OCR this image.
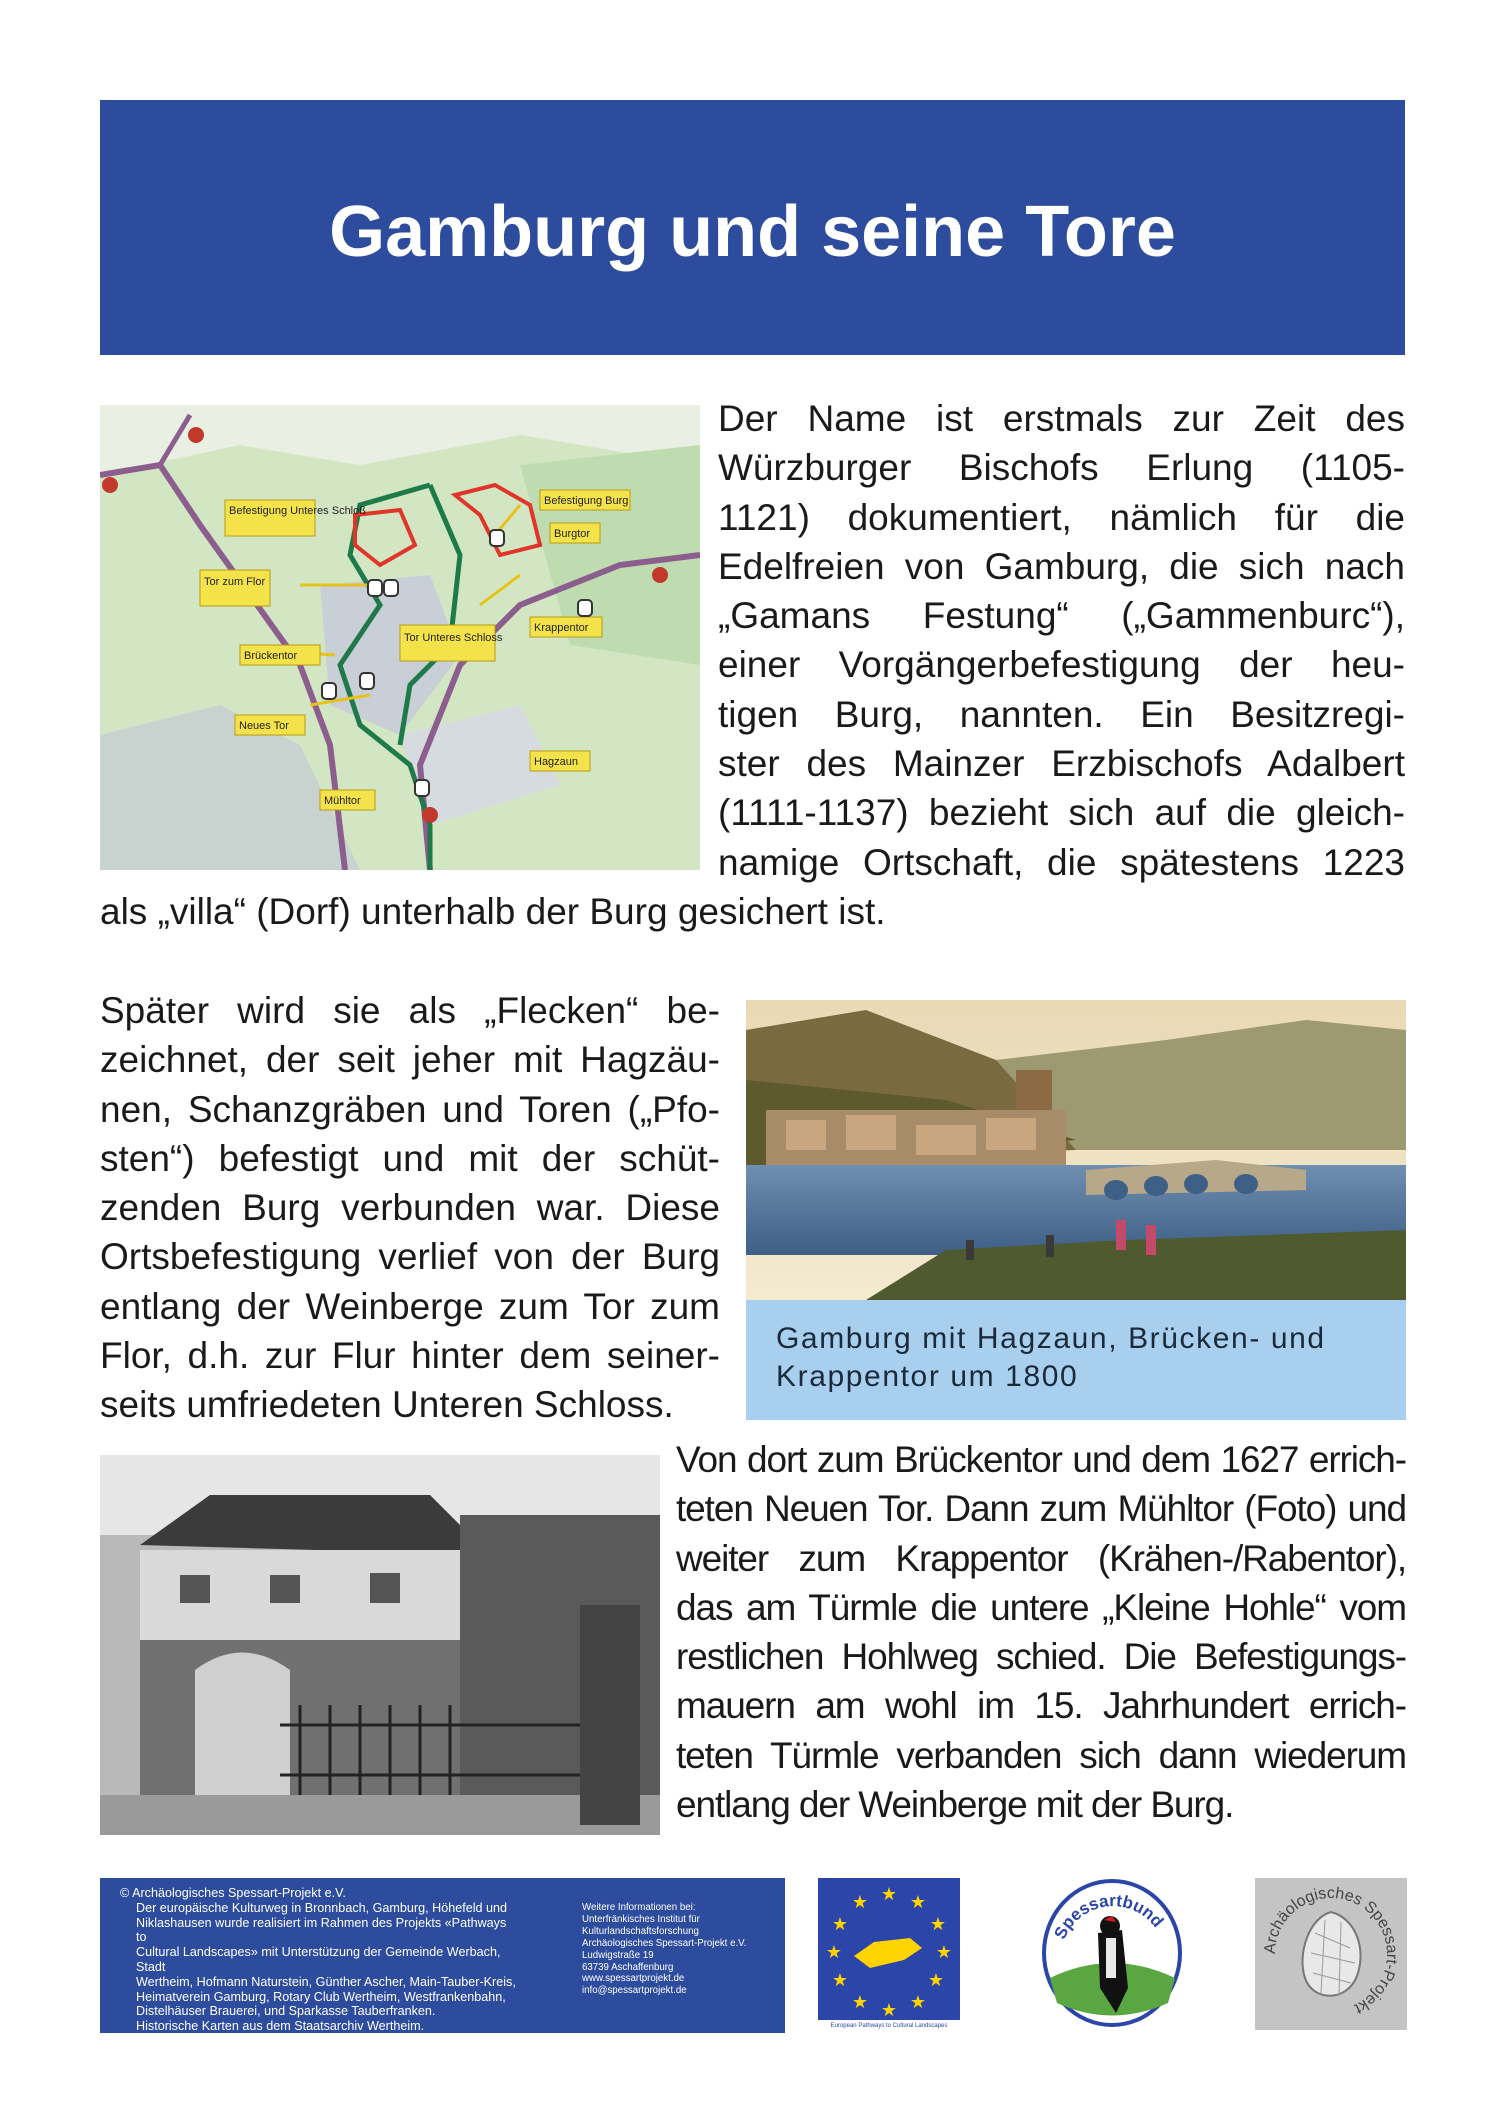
Gamburg und seine Tore
Befestigung Unteres Schloß
Befestigung Burg
Burgtor
Tor zum Flor
Tor Unteres Schloss
Krappentor
Brückentor
Neues Tor
Hagzaun
Mühltor

Der Name ist erstmals zur Zeit des

Würzburger Bischofs Erlung (1105-

1121) dokumentiert, nämlich für die

Edelfreien von Gamburg, die sich nach

„Gamans Festung“ („Gammenburc“),

einer Vorgängerbefestigung der heu-

tigen Burg, nannten. Ein Besitzregi-

ster des Mainzer Erzbischofs Adalbert

(1111-1137) bezieht sich auf die gleich-

namige Ortschaft, die spätestens 1223

als „villa“ (Dorf) unterhalb der Burg gesichert ist.

Später wird sie als „Flecken“ be-

zeichnet, der seit jeher mit Hagzäu-

nen, Schanzgräben und Toren („Pfo-

sten“) befestigt und mit der schüt-

zenden Burg verbunden war. Diese

Ortsbefestigung verlief von der Burg

entlang der Weinberge zum Tor zum

Flor, d.h. zur Flur hinter dem seiner-

seits umfriedeten Unteren Schloss.

Gamburg mit Hagzaun, Brücken- und
Krappentor um 1800

Von dort zum Brückentor und dem 1627 errich-

teten Neuen Tor. Dann zum Mühltor (Foto) und

weiter zum Krappentor (Krähen-/Rabentor),

das am Türmle die untere „Kleine Hohle“ vom

restlichen Hohlweg schied. Die Befestigungs-

mauern am wohl im 15. Jahrhundert errich-

teten Türmle verbanden sich dann wiederum

entlang der Weinberge mit der Burg.

© Archäologisches Spessart-Projekt e.V.
Der europäische Kulturweg in Bronnbach, Gamburg, Höhefeld und
Niklashausen wurde realisiert im Rahmen des Projekts «Pathways to
Cultural Landscapes» mit Unterstützung der Gemeinde Werbach, Stadt
Wertheim, Hofmann Naturstein, Günther Ascher, Main-Tauber-Kreis,
Heimatverein Gamburg, Rotary Club Wertheim, Westfrankenbahn,
Distelhäuser Brauerei, und Sparkasse Tauberfranken.
Historische Karten aus dem Staatsarchiv Wertheim.
Weitere Informationen bei:
Unterfränkisches Institut für
Kulturlandschaftsforschung
Archäologisches Spessart-Projekt e.V.
Ludwigstraße 19
63739 Aschaffenburg
www.spessartprojekt.de
info@spessartprojekt.de
★ ★
★
★
★
★
★
★
★
★
★
★
European Pathways to Cultural Landscapes
Spessartbund
Archäologisches Spessart-Projekt
